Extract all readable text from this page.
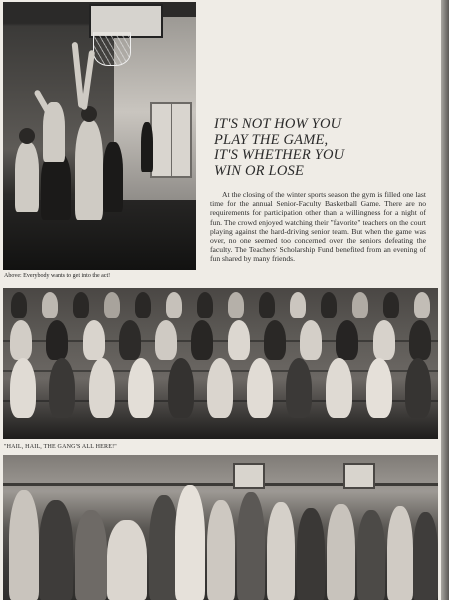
Above: Everybody wants to get into the act!
IT'S NOT HOW YOU
PLAY THE GAME,
IT'S WHETHER YOU
WIN OR LOSE
At the closing of the winter sports season the gym is filled one last time for the annual Senior-Faculty Basketball Game. There are no requirements for participation other than a willingness for a night of fun. The crowd enjoyed watching their "favorite" teachers on the court playing against the hard-driving senior team. But when the game was over, no one seemed too concerned over the seniors defeating the faculty. The Teachers' Scholarship Fund benefited from an evening of fun shared by many friends.
"HAIL, HAIL, THE GANG'S ALL HERE!"
